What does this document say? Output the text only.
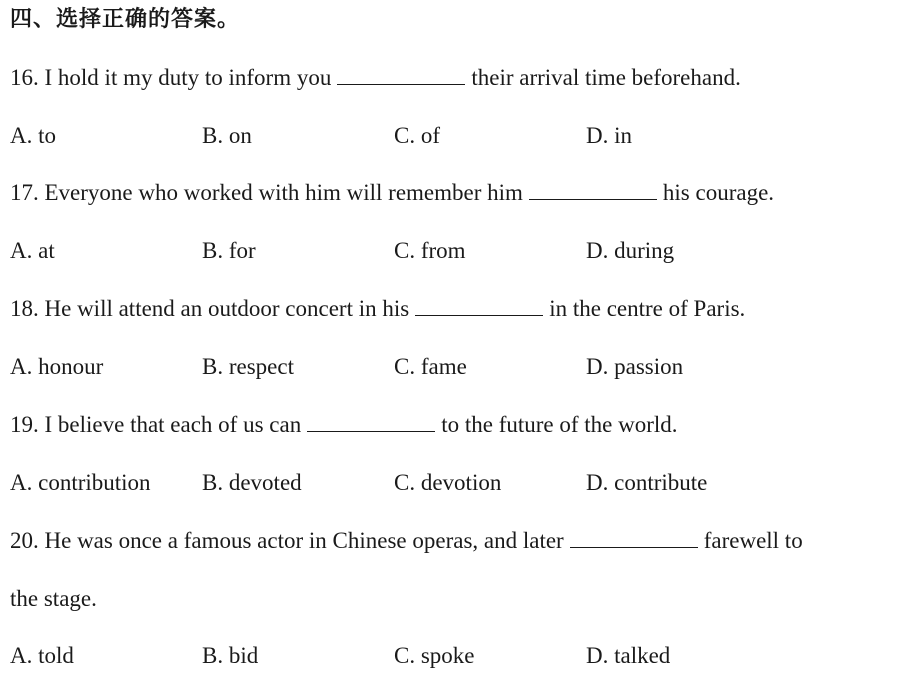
四、选择正确的答案。
16. I hold it my duty to inform you	their arrival time beforehand.
A. to	B. on	C. of	D. in
17. Everyone who worked with him will remember him	his courage.
A. at	B. for	C. from	D. during
18. He will attend an outdoor concert in his	in the centre of Paris.
A. honour	B. respect	C. fame	D. passion
19. I believe that each of us can	to the future of the world.
A. contribution B. devoted	C. devotion	D. contribute
20. He was once a famous actor in Chinese operas, and later	farewell to
the stage.
A. told	B. bid	C. spoke	D. talked
